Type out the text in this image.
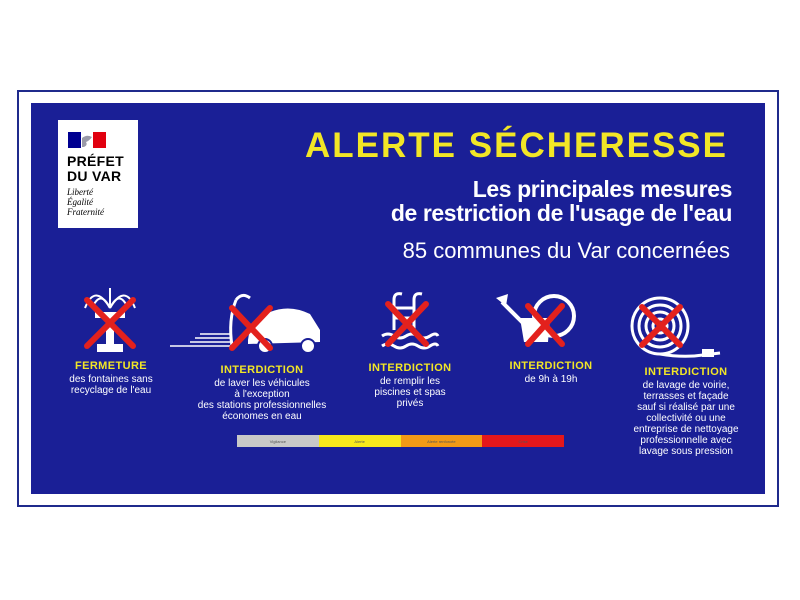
PRÉFET
DU VAR
Liberté
Égalité
Fraternité
ALERTE SÉCHERESSE
Les principales mesures
de restriction de l'usage de l'eau
85 communes du Var concernées
FERMETURE
des fontaines sans
recyclage de l'eau
INTERDICTION
de laver les véhicules
à l'exception
des stations professionnelles
économes en eau
INTERDICTION
de remplir les
piscines et spas
privés
INTERDICTION
de 9h à 19h
INTERDICTION
de lavage de voirie,
terrasses et façade
sauf si réalisé par une
collectivité ou une
entreprise de nettoyage
professionnelle avec
lavage sous pression
Vigilance	Alerte	Alerte renforcée	Crise
